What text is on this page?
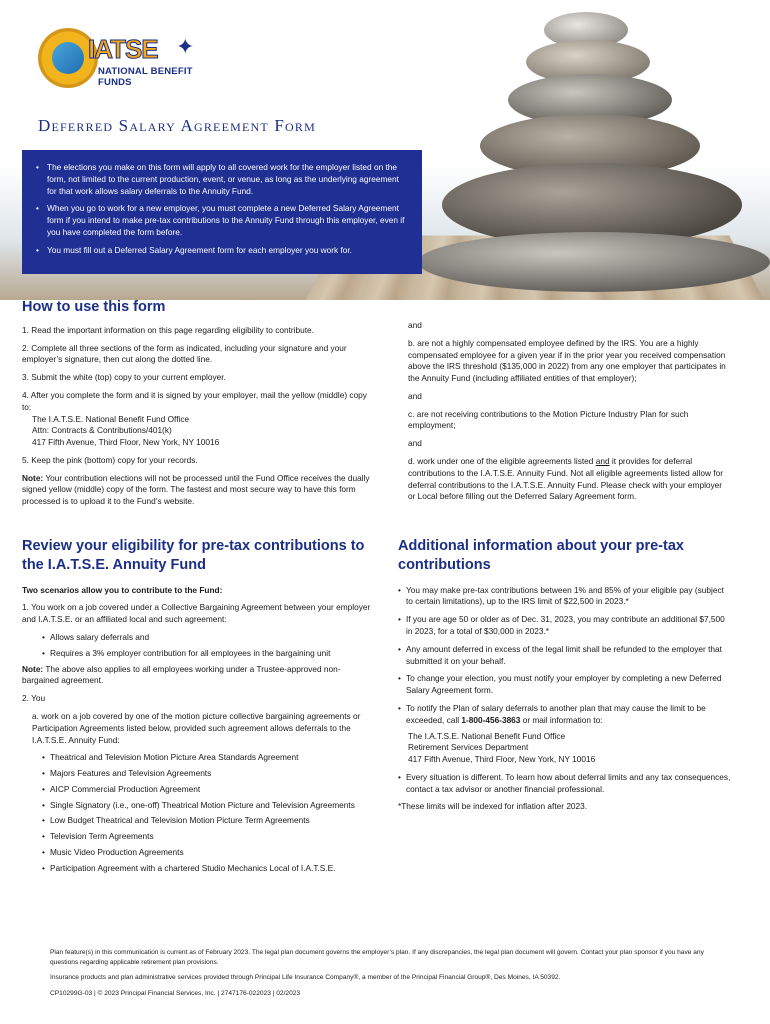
IATSE ✦
NATIONAL BENEFIT FUNDS
Deferred Salary Agreement Form
• The elections you make on this form will apply to all covered work for the employer listed on the form, not limited to the current production, event, or venue, as long as the underlying agreement for that work allows salary deferrals to the Annuity Fund.
• When you go to work for a new employer, you must complete a new Deferred Salary Agreement form if you intend to make pre-tax contributions to the Annuity Fund through this employer, even if you have completed the form before.
• You must fill out a Deferred Salary Agreement form for each employer you work for.
How to use this form

1. Read the important information on this page regarding eligibility to contribute.

2. Complete all three sections of the form as indicated, including your signature and your employer’s signature, then cut along the dotted line.

3. Submit the white (top) copy to your current employer.

4. After you complete the form and it is signed by your employer, mail the yellow (middle) copy to:

The I.A.T.S.E. National Benefit Fund Office
Attn: Contracts & Contributions/401(k)
417 Fifth Avenue, Third Floor, New York, NY 10016

5. Keep the pink (bottom) copy for your records.

Note: Your contribution elections will not be processed until the Fund Office receives the dually signed yellow (middle) copy of the form. The fastest and most secure way to have this form processed is to upload it to the Fund’s website.

and

b. are not a highly compensated employee defined by the IRS. You are a highly compensated employee for a given year if in the prior year you received compensation above the IRS threshold ($135,000 in 2022) from any one employer that participates in the Annuity Fund (including affiliated entities of that employer);

and

c. are not receiving contributions to the Motion Picture Industry Plan for such employment;

and

d. work under one of the eligible agreements listed and it provides for deferral contributions to the I.A.T.S.E. Annuity Fund. Not all eligible agreements listed allow for deferral contributions to the I.A.T.S.E. Annuity Fund. Please check with your employer or Local before filling out the Deferred Salary Agreement form.

Review your eligibility for pre-tax contributions to the I.A.T.S.E. Annuity Fund

Two scenarios allow you to contribute to the Fund:

1. You work on a job covered under a Collective Bargaining Agreement between your employer and I.A.T.S.E. or an affiliated local and such agreement:

• Allows salary deferrals and
• Requires a 3% employer contribution for all employees in the bargaining unit

Note: The above also applies to all employees working under a Trustee-approved non-bargained agreement.

2. You

a. work on a job covered by one of the motion picture collective bargaining agreements or Participation Agreements listed below, provided such agreement allows deferrals to the I.A.T.S.E. Annuity Fund:

• Theatrical and Television Motion Picture Area Standards Agreement
• Majors Features and Television Agreements
• AICP Commercial Production Agreement
• Single Signatory (i.e., one-off) Theatrical Motion Picture and Television Agreements
• Low Budget Theatrical and Television Motion Picture Term Agreements
• Television Term Agreements
• Music Video Production Agreements
• Participation Agreement with a chartered Studio Mechanics Local of I.A.T.S.E.
Additional information about your pre-tax contributions

• You may make pre-tax contributions between 1% and 85% of your eligible pay (subject to certain limitations), up to the IRS limit of $22,500 in 2023.*

• If you are age 50 or older as of Dec. 31, 2023, you may contribute an additional $7,500 in 2023, for a total of $30,000 in 2023.*

• Any amount deferred in excess of the legal limit shall be refunded to the employer that submitted it on your behalf.

• To change your election, you must notify your employer by completing a new Deferred Salary Agreement form.

• To notify the Plan of salary deferrals to another plan that may cause the limit to be exceeded, call 1-800-456-3863 or mail information to:

The I.A.T.S.E. National Benefit Fund Office
Retirement Services Department
417 Fifth Avenue, Third Floor, New York, NY 10016

• Every situation is different. To learn how about deferral limits and any tax consequences, contact a tax advisor or another financial professional.

*These limits will be indexed for inflation after 2023.

Plan feature(s) in this communication is current as of February 2023. The legal plan document governs the employer’s plan. If any discrepancies, the legal plan document will govern. Contact your plan sponsor if you have any questions regarding applicable retirement plan provisions.

Insurance products and plan administrative services provided through Principal Life Insurance Company®, a member of the Principal Financial Group®, Des Moines, IA 50392.

CP10299G-03 | © 2023 Principal Financial Services, Inc. | 2747176-022023 | 02/2023
